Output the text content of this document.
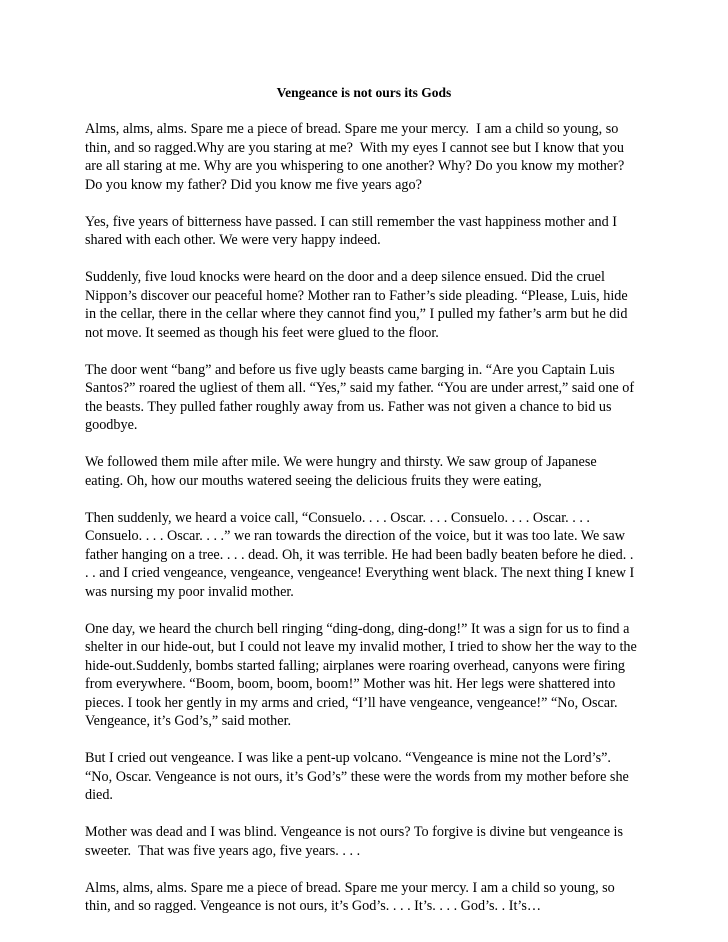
Vengeance is not ours its Gods
Alms, alms, alms. Spare me a piece of bread. Spare me your mercy.  I am a child so young, so
thin, and so ragged.Why are you staring at me?  With my eyes I cannot see but I know that you
are all staring at me. Why are you whispering to one another? Why? Do you know my mother?
Do you know my father? Did you know me five years ago?
Yes, five years of bitterness have passed. I can still remember the vast happiness mother and I
shared with each other. We were very happy indeed.
Suddenly, five loud knocks were heard on the door and a deep silence ensued. Did the cruel
Nippon’s discover our peaceful home? Mother ran to Father’s side pleading. “Please, Luis, hide
in the cellar, there in the cellar where they cannot find you,” I pulled my father’s arm but he did
not move. It seemed as though his feet were glued to the floor.
The door went “bang” and before us five ugly beasts came barging in. “Are you Captain Luis
Santos?” roared the ugliest of them all. “Yes,” said my father. “You are under arrest,” said one of
the beasts. They pulled father roughly away from us. Father was not given a chance to bid us
goodbye.
We followed them mile after mile. We were hungry and thirsty. We saw group of Japanese
eating. Oh, how our mouths watered seeing the delicious fruits they were eating,
Then suddenly, we heard a voice call, “Consuelo. . . . Oscar. . . . Consuelo. . . . Oscar. . . .
Consuelo. . . . Oscar. . . .” we ran towards the direction of the voice, but it was too late. We saw
father hanging on a tree. . . . dead. Oh, it was terrible. He had been badly beaten before he died. .
. . and I cried vengeance, vengeance, vengeance! Everything went black. The next thing I knew I
was nursing my poor invalid mother.
One day, we heard the church bell ringing “ding-dong, ding-dong!” It was a sign for us to find a
shelter in our hide-out, but I could not leave my invalid mother, I tried to show her the way to the
hide-out.Suddenly, bombs started falling; airplanes were roaring overhead, canyons were firing
from everywhere. “Boom, boom, boom, boom!” Mother was hit. Her legs were shattered into
pieces. I took her gently in my arms and cried, “I’ll have vengeance, vengeance!” “No, Oscar.
Vengeance, it’s God’s,” said mother.
But I cried out vengeance. I was like a pent-up volcano. “Vengeance is mine not the Lord’s”.
“No, Oscar. Vengeance is not ours, it’s God’s” these were the words from my mother before she
died.
Mother was dead and I was blind. Vengeance is not ours? To forgive is divine but vengeance is
sweeter.  That was five years ago, five years. . . .
Alms, alms, alms. Spare me a piece of bread. Spare me your mercy. I am a child so young, so
thin, and so ragged. Vengeance is not ours, it’s God’s. . . . It’s. . . . God’s. . It’s…
